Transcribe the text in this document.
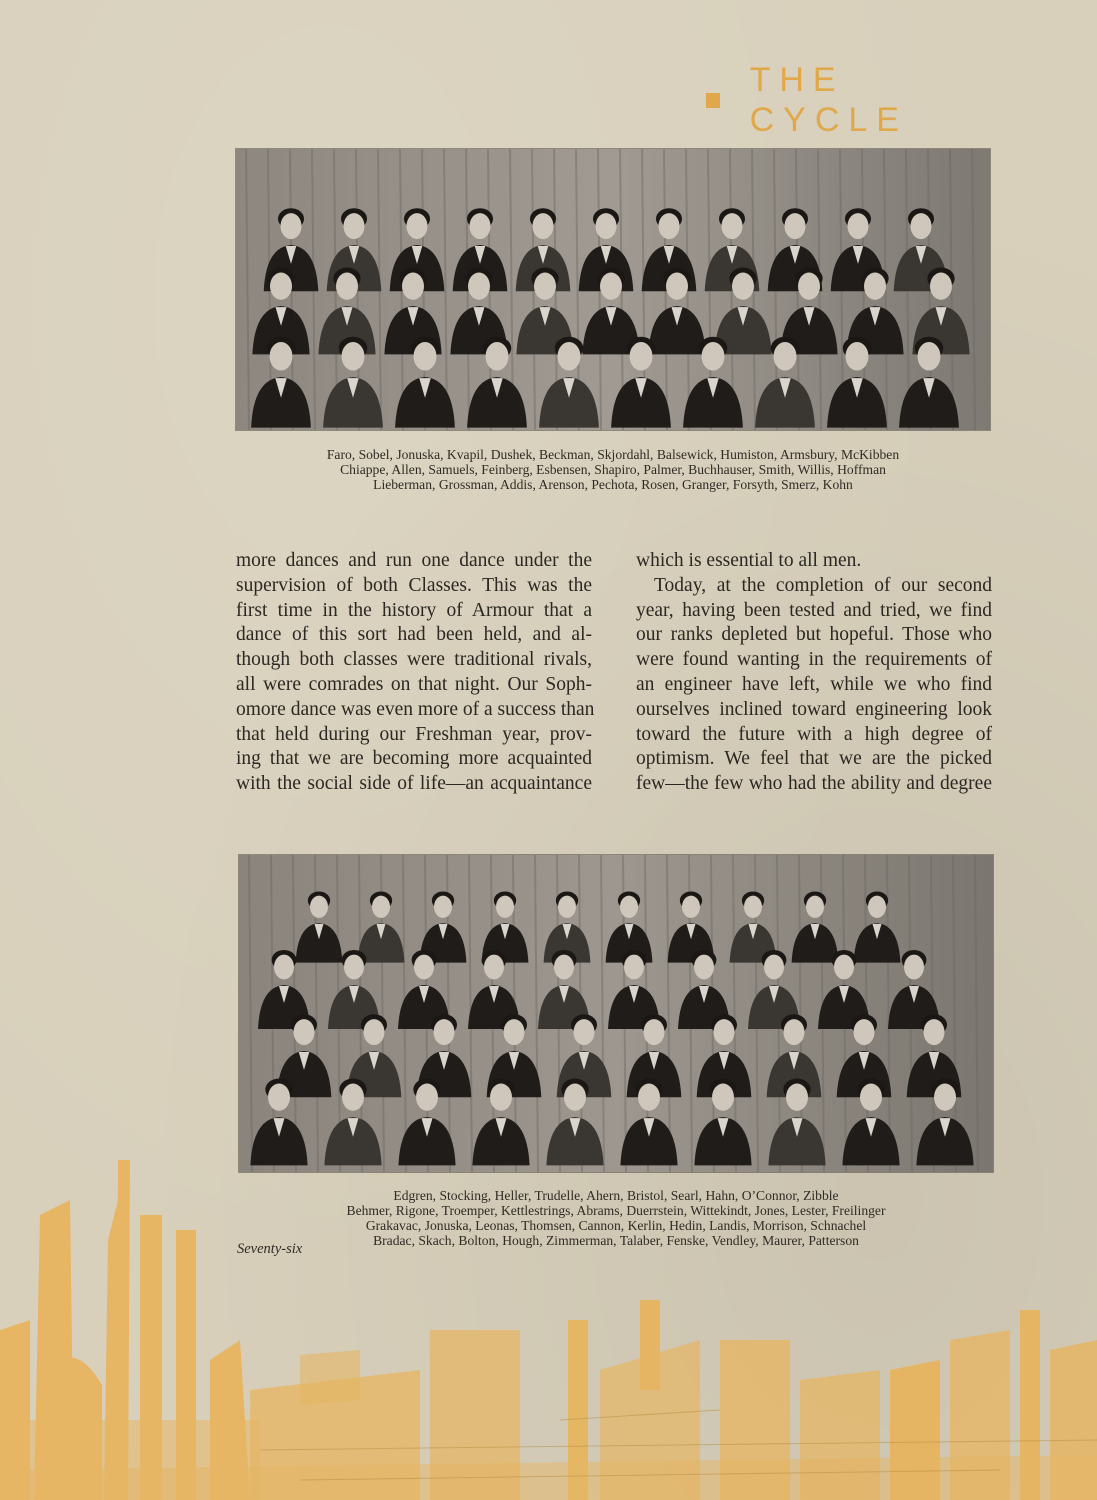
THE CYCLE
Faro, Sobel, Jonuska, Kvapil, Dushek, Beckman, Skjordahl, Balsewick, Humiston, Armsbury, McKibben
Chiappe, Allen, Samuels, Feinberg, Esbensen, Shapiro, Palmer, Buchhauser, Smith, Willis, Hoffman
Lieberman, Grossman, Addis, Arenson, Pechota, Rosen, Granger, Forsyth, Smerz, Kohn
more dances and run one dance under the
supervision of both Classes. This was the
first time in the history of Armour that a
dance of this sort had been held, and al-
though both classes were traditional rivals,
all were comrades on that night. Our Soph-
omore dance was even more of a success than
that held during our Freshman year, prov-
ing that we are becoming more acquainted
with the social side of life—an acquaintance
which is essential to all men.
Today, at the completion of our second
year, having been tested and tried, we find
our ranks depleted but hopeful. Those who
were found wanting in the requirements of
an engineer have left, while we who find
ourselves inclined toward engineering look
toward the future with a high degree of
optimism. We feel that we are the picked
few—the few who had the ability and degree
Edgren, Stocking, Heller, Trudelle, Ahern, Bristol, Searl, Hahn, O’Connor, Zibble
Behmer, Rigone, Troemper, Kettlestrings, Abrams, Duerrstein, Wittekindt, Jones, Lester, Freilinger
Grakavac, Jonuska, Leonas, Thomsen, Cannon, Kerlin, Hedin, Landis, Morrison, Schnachel
Bradac, Skach, Bolton, Hough, Zimmerman, Talaber, Fenske, Vendley, Maurer, Patterson
Seventy-six
